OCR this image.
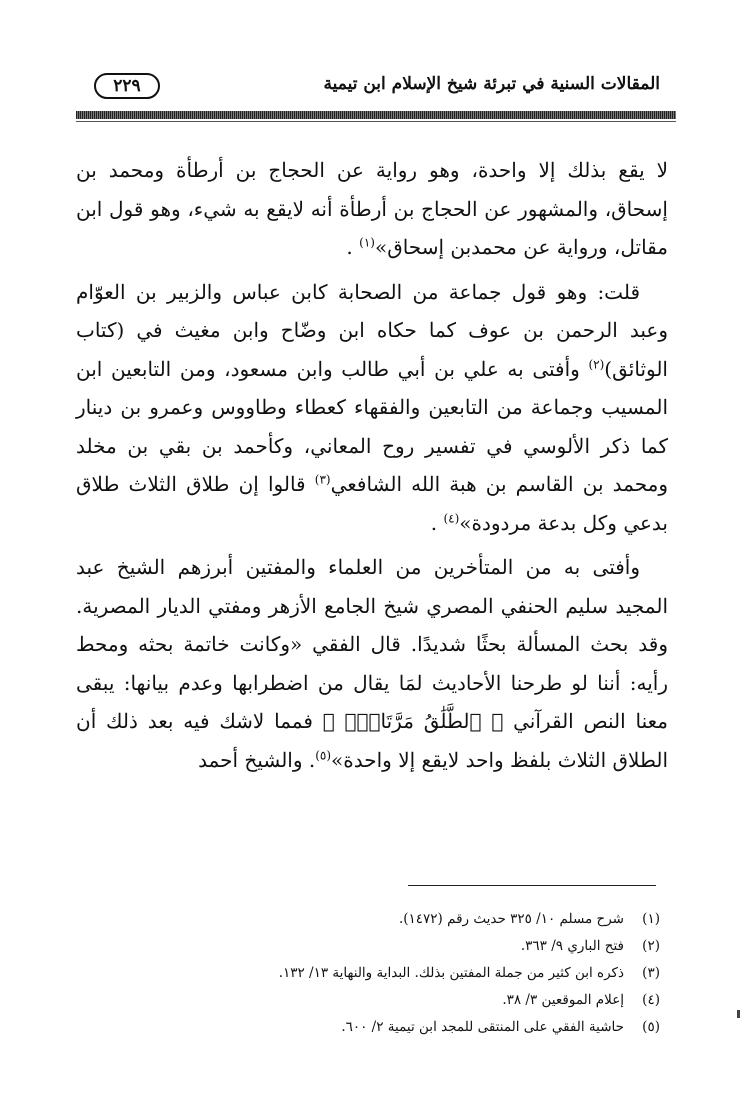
المقالات السنية في تبرئة شيخ الإسلام ابن تيمية
٢٢٩

لا يقع بذلك إلا واحدة، وهو رواية عن الحجاج بن أرطأة ومحمد بن إسحاق، والمشهور عن الحجاج بن أرطأة أنه لايقع به شيء، وهو قول ابن مقاتل، ورواية عن محمدبن إسحاق»$^{(١)}$ .

قلت: وهو قول جماعة من الصحابة كابن عباس والزبير بن العوّام وعبد الرحمن بن عوف كما حكاه ابن وضّاح وابن مغيث في (كتاب الوثائق)$^{(٢)}$ وأفتى به علي بن أبي طالب وابن مسعود، ومن التابعين ابن المسيب وجماعة من التابعين والفقهاء كعطاء وطاووس وعمرو بن دينار كما ذكر الألوسي في تفسير روح المعاني، وكأحمد بن بقي بن مخلد ومحمد بن القاسم بن هبة الله الشافعي$^{(٣)}$ قالوا إن طلاق الثلاث طلاق بدعي وكل بدعة مردودة»$^{(٤)}$ .

وأفتى به من المتأخرين من العلماء والمفتين أبرزهم الشيخ عبد المجيد سليم الحنفي المصري شيخ الجامع الأزهر ومفتي الديار المصرية. وقد بحث المسألة بحثًا شديدًا. قال الفقي «وكانت خاتمة بحثه ومحط رأيه: أننا لو طرحنا الأحاديث لمَا يقال من اضطرابها وعدم بيانها: يبقى معنا النص القرآني ﴿ ٱلطَّلَٰقُ مَرَّتَانِۖ ﴾ فمما لاشك فيه بعد ذلك أن الطلاق الثلاث بلفظ واحد لايقع إلا واحدة»$^{(٥)}$. والشيخ أحمد

(١)
شرح مسلم ١٠/ ٣٢٥ حديث رقم (١٤٧٢).
(٢)
فتح الباري ٩/ ٣٦٣.
(٣)
ذكره ابن كثير من جملة المفتين بذلك. البداية والنهاية ١٣/ ١٣٢.
(٤)
إعلام الموقعين ٣/ ٣٨.
(٥)
حاشية الفقي على المنتقى للمجد ابن تيمية ٢/ ٦٠٠.
